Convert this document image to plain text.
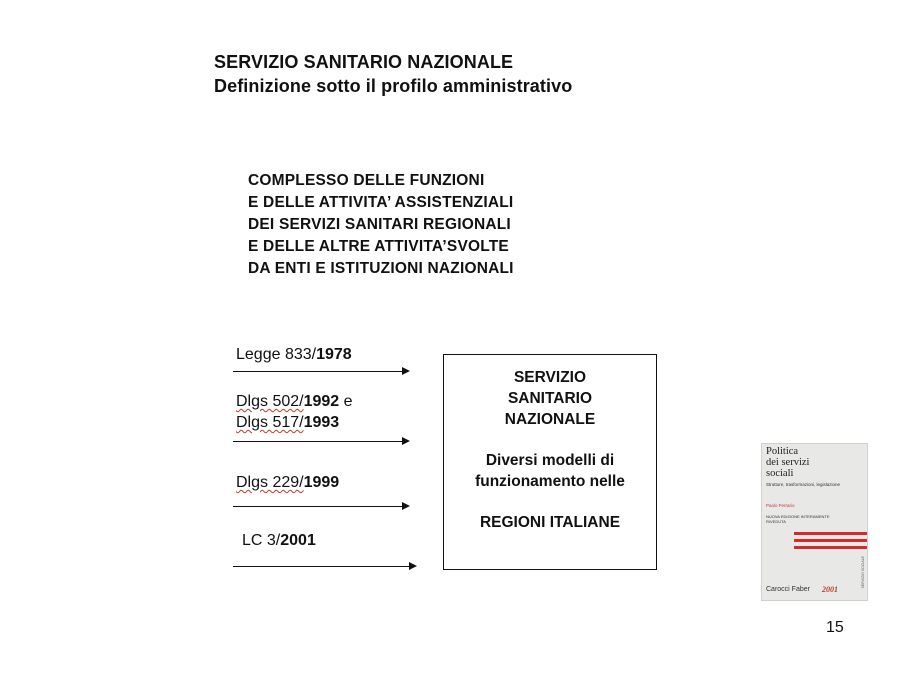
SERVIZIO SANITARIO NAZIONALE
Definizione sotto il profilo amministrativo
COMPLESSO DELLE FUNZIONI
E DELLE ATTIVITA’ ASSISTENZIALI
DEI SERVIZI SANITARI REGIONALI
E DELLE ALTRE ATTIVITA’SVOLTE
DA ENTI E ISTITUZIONI NAZIONALI
Legge 833/1978
Dlgs 502/1992 e
Dlgs 517/1993
Dlgs 229/1999
LC 3/2001
SERVIZIO
SANITARIO
NAZIONALE
Diversi modelli di
funzionamento nelle
REGIONI ITALIANE
Politica
dei servizi
sociali
Strutture, trasformazioni, legislazione
Paolo Ferrario
NUOVA EDIZIONE INTERAMENTE RIVEDUTA
SERVIZIO SOCIALE
Carocci Faber 2001
15
